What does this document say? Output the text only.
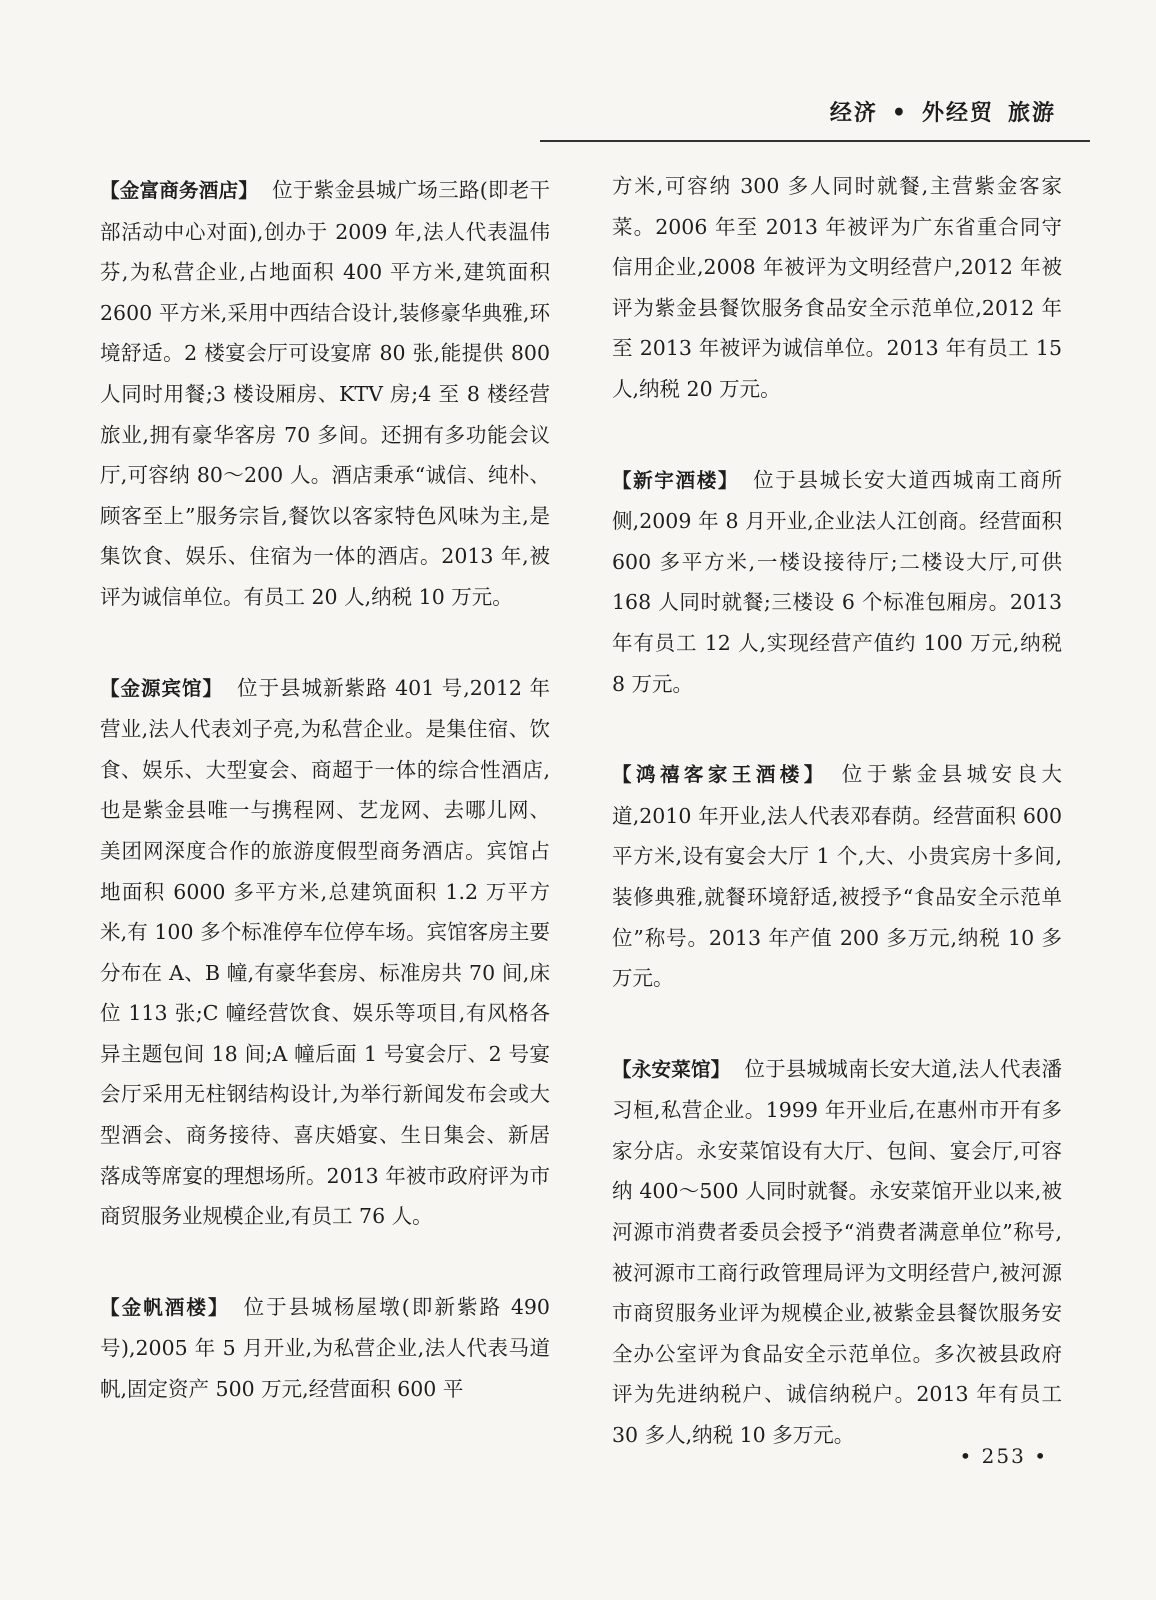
经济 • 外经贸 旅游
【金富商务酒店】 位于紫金县城广场三路(即老干部活动中心对面),创办于 2009 年,法人代表温伟芬,为私营企业,占地面积 400 平方米,建筑面积 2600 平方米,采用中西结合设计,装修豪华典雅,环境舒适。2 楼宴会厅可设宴席 80 张,能提供 800 人同时用餐;3 楼设厢房、KTV 房;4 至 8 楼经营旅业,拥有豪华客房 70 多间。还拥有多功能会议厅,可容纳 80～200 人。酒店秉承“诚信、纯朴、顾客至上”服务宗旨,餐饮以客家特色风味为主,是集饮食、娱乐、住宿为一体的酒店。2013 年,被评为诚信单位。有员工 20 人,纳税 10 万元。
【金源宾馆】 位于县城新紫路 401 号,2012 年营业,法人代表刘子亮,为私营企业。是集住宿、饮食、娱乐、大型宴会、商超于一体的综合性酒店,也是紫金县唯一与携程网、艺龙网、去哪儿网、美团网深度合作的旅游度假型商务酒店。宾馆占地面积 6000 多平方米,总建筑面积 1.2 万平方米,有 100 多个标准停车位停车场。宾馆客房主要分布在 A、B 幢,有豪华套房、标准房共 70 间,床位 113 张;C 幢经营饮食、娱乐等项目,有风格各异主题包间 18 间;A 幢后面 1 号宴会厅、2 号宴会厅采用无柱钢结构设计,为举行新闻发布会或大型酒会、商务接待、喜庆婚宴、生日集会、新居落成等席宴的理想场所。2013 年被市政府评为市商贸服务业规模企业,有员工 76 人。
【金帆酒楼】 位于县城杨屋墩(即新紫路 490 号),2005 年 5 月开业,为私营企业,法人代表马道帆,固定资产 500 万元,经营面积 600 平
方米,可容纳 300 多人同时就餐,主营紫金客家菜。2006 年至 2013 年被评为广东省重合同守信用企业,2008 年被评为文明经营户,2012 年被评为紫金县餐饮服务食品安全示范单位,2012 年至 2013 年被评为诚信单位。2013 年有员工 15 人,纳税 20 万元。
【新宇酒楼】 位于县城长安大道西城南工商所侧,2009 年 8 月开业,企业法人江创商。经营面积 600 多平方米,一楼设接待厅;二楼设大厅,可供 168 人同时就餐;三楼设 6 个标准包厢房。2013 年有员工 12 人,实现经营产值约 100 万元,纳税 8 万元。
【鸿禧客家王酒楼】 位于紫金县城安良大道,2010 年开业,法人代表邓春荫。经营面积 600 平方米,设有宴会大厅 1 个,大、小贵宾房十多间,装修典雅,就餐环境舒适,被授予“食品安全示范单位”称号。2013 年产值 200 多万元,纳税 10 多万元。
【永安菜馆】 位于县城城南长安大道,法人代表潘习桓,私营企业。1999 年开业后,在惠州市开有多家分店。永安菜馆设有大厅、包间、宴会厅,可容纳 400～500 人同时就餐。永安菜馆开业以来,被河源市消费者委员会授予“消费者满意单位”称号,被河源市工商行政管理局评为文明经营户,被河源市商贸服务业评为规模企业,被紫金县餐饮服务安全办公室评为食品安全示范单位。多次被县政府评为先进纳税户、诚信纳税户。2013 年有员工 30 多人,纳税 10 多万元。
• 253 •
